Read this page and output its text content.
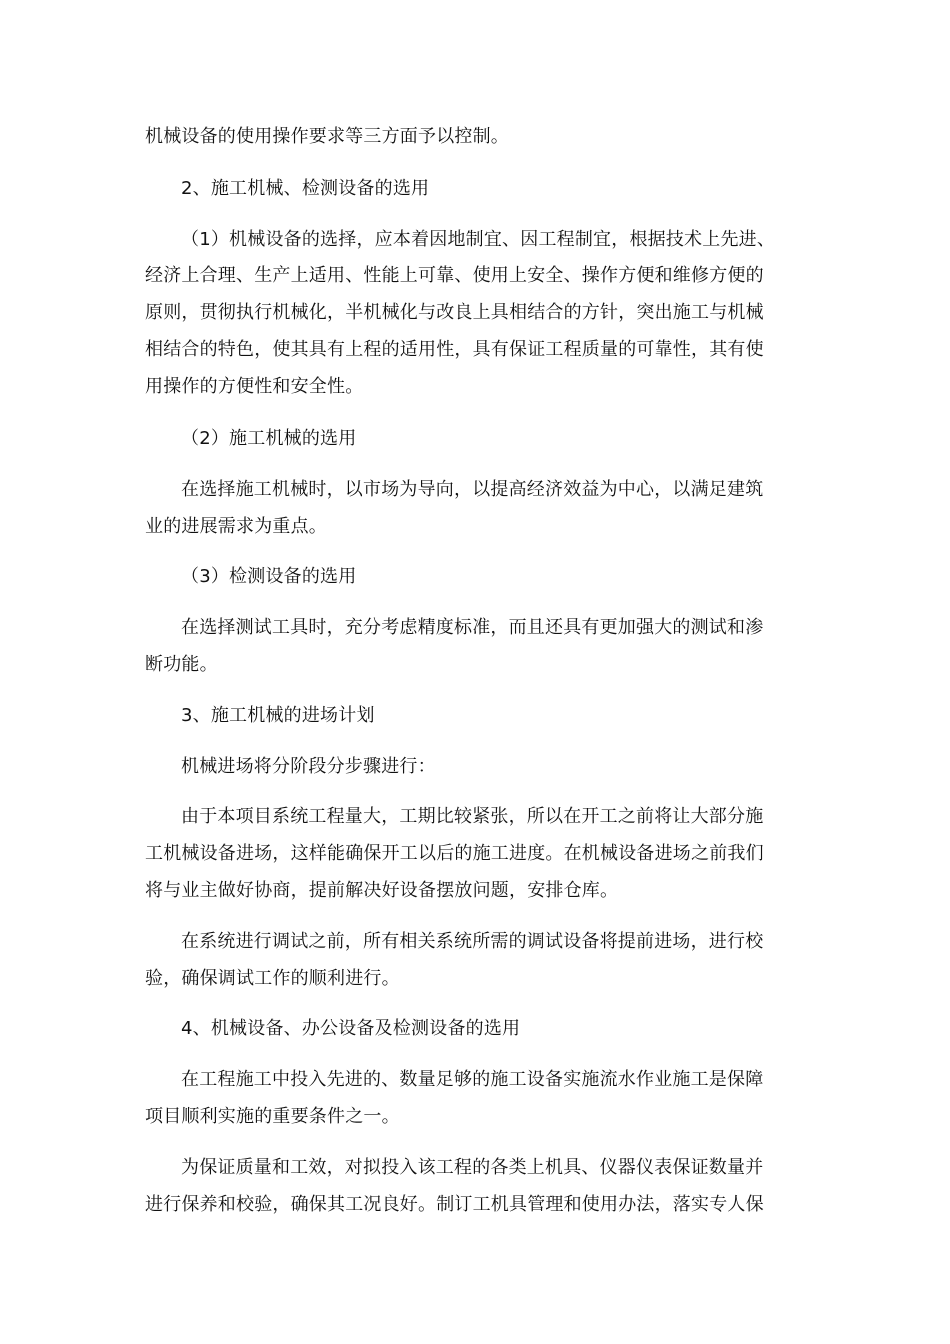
机械设备的使用操作要求等三方面予以控制。
2、施工机械、检测设备的选用
（1）机械设备的选择，应本着因地制宜、因工程制宜，根据技术上先进、
经济上合理、生产上适用、性能上可靠、使用上安全、操作方便和维修方便的
原则，贯彻执行机械化，半机械化与改良上具相结合的方针，突出施工与机械
相结合的特色，使其具有上程的适用性，具有保证工程质量的可靠性，其有使
用操作的方便性和安全性。
（2）施工机械的选用
在选择施工机械时，以市场为导向，以提高经济效益为中心，以满足建筑
业的进展需求为重点。
（3）检测设备的选用
在选择测试工具时，充分考虑精度标准，而且还具有更加强大的测试和渗
断功能。
3、施工机械的进场计划
机械进场将分阶段分步骤进行：
由于本项目系统工程量大，工期比较紧张，所以在开工之前将让大部分施
工机械设备进场，这样能确保开工以后的施工进度。在机械设备进场之前我们
将与业主做好协商，提前解决好设备摆放问题，安排仓库。
在系统进行调试之前，所有相关系统所需的调试设备将提前进场，进行校
验，确保调试工作的顺利进行。
4、机械设备、办公设备及检测设备的选用
在工程施工中投入先进的、数量足够的施工设备实施流水作业施工是保障
项目顺利实施的重要条件之一。
为保证质量和工效，对拟投入该工程的各类上机具、仪器仪表保证数量并
进行保养和校验，确保其工况良好。制订工机具管理和使用办法，落实专人保
